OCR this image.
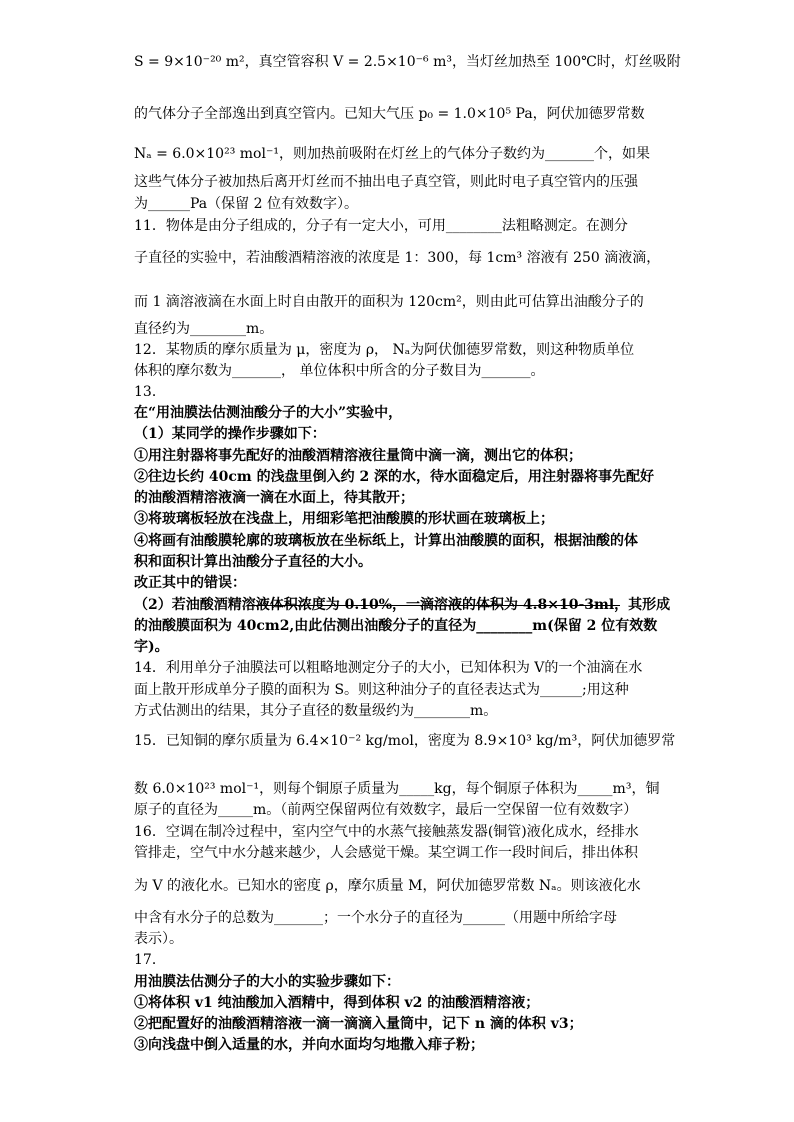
S = 9×10⁻²⁰ m²，真空管容积 V = 2.5×10⁻⁶ m³，当灯丝加热至 100℃时，灯丝吸附
的气体分子全部逸出到真空管内。已知大气压 p₀ = 1.0×10⁵ Pa，阿伏加德罗常数
Nₐ = 6.0×10²³ mol⁻¹，则加热前吸附在灯丝上的气体分子数约为_______个，如果
这些气体分子被加热后离开灯丝而不抽出电子真空管，则此时电子真空管内的压强
为______Pa（保留 2 位有效数字）。
11．物体是由分子组成的，分子有一定大小，可用________法粗略测定。在测分
子直径的实验中，若油酸酒精溶液的浓度是 1：300，每 1cm³ 溶液有 250 滴液滴，
而 1 滴溶液滴在水面上时自由散开的面积为 120cm²，则由此可估算出油酸分子的
直径约为________m。
12．某物质的摩尔质量为 μ，密度为 ρ， Nₐ为阿伏伽德罗常数，则这种物质单位
体积的摩尔数为_______， 单位体积中所含的分子数目为_______。
13．
在“用油膜法估测油酸分子的大小”实验中，
（1）某同学的操作步骤如下：
①用注射器将事先配好的油酸酒精溶液往量筒中滴一滴，测出它的体积；
②往边长约 40cm 的浅盘里倒入约 2 深的水，待水面稳定后，用注射器将事先配好
的油酸酒精溶液滴一滴在水面上，待其散开；
③将玻璃板轻放在浅盘上，用细彩笔把油酸膜的形状画在玻璃板上；
④将画有油酸膜轮廓的玻璃板放在坐标纸上，计算出油酸膜的面积，根据油酸的体
积和面积计算出油酸分子直径的大小。
改正其中的错误：
（2）若油酸酒精溶液体积浓度为 0.10%，一滴溶液的体积为 4.8×10-3ml，其形成
的油酸膜面积为 40cm2,由此估测出油酸分子的直径为________m(保留 2 位有效数
字)。
14．利用单分子油膜法可以粗略地测定分子的大小，已知体积为 V的一个油滴在水
面上散开形成单分子膜的面积为 S。则这种油分子的直径表达式为______;用这种
方式估测出的结果，其分子直径的数量级约为________m。
15．已知铜的摩尔质量为 6.4×10⁻² kg/mol，密度为 8.9×10³ kg/m³，阿伏加德罗常
数 6.0×10²³ mol⁻¹，则每个铜原子质量为_____kg，每个铜原子体积为_____m³，铜
原子的直径为_____m。（前两空保留两位有效数字，最后一空保留一位有效数字）
16．空调在制冷过程中，室内空气中的水蒸气接触蒸发器(铜管)液化成水，经排水
管排走，空气中水分越来越少，人会感觉干燥。某空调工作一段时间后，排出体积
为 V 的液化水。已知水的密度 ρ，摩尔质量 M，阿伏加德罗常数 Nₐ。则该液化水
中含有水分子的总数为_______；一个水分子的直径为______（用题中所给字母
表示）。
17．
用油膜法估测分子的大小的实验步骤如下：
①将体积 v1 纯油酸加入酒精中，得到体积 v2 的油酸酒精溶液；
②把配置好的油酸酒精溶液一滴一滴滴入量筒中，记下 n 滴的体积 v3；
③向浅盘中倒入适量的水，并向水面均匀地撒入痱子粉；
